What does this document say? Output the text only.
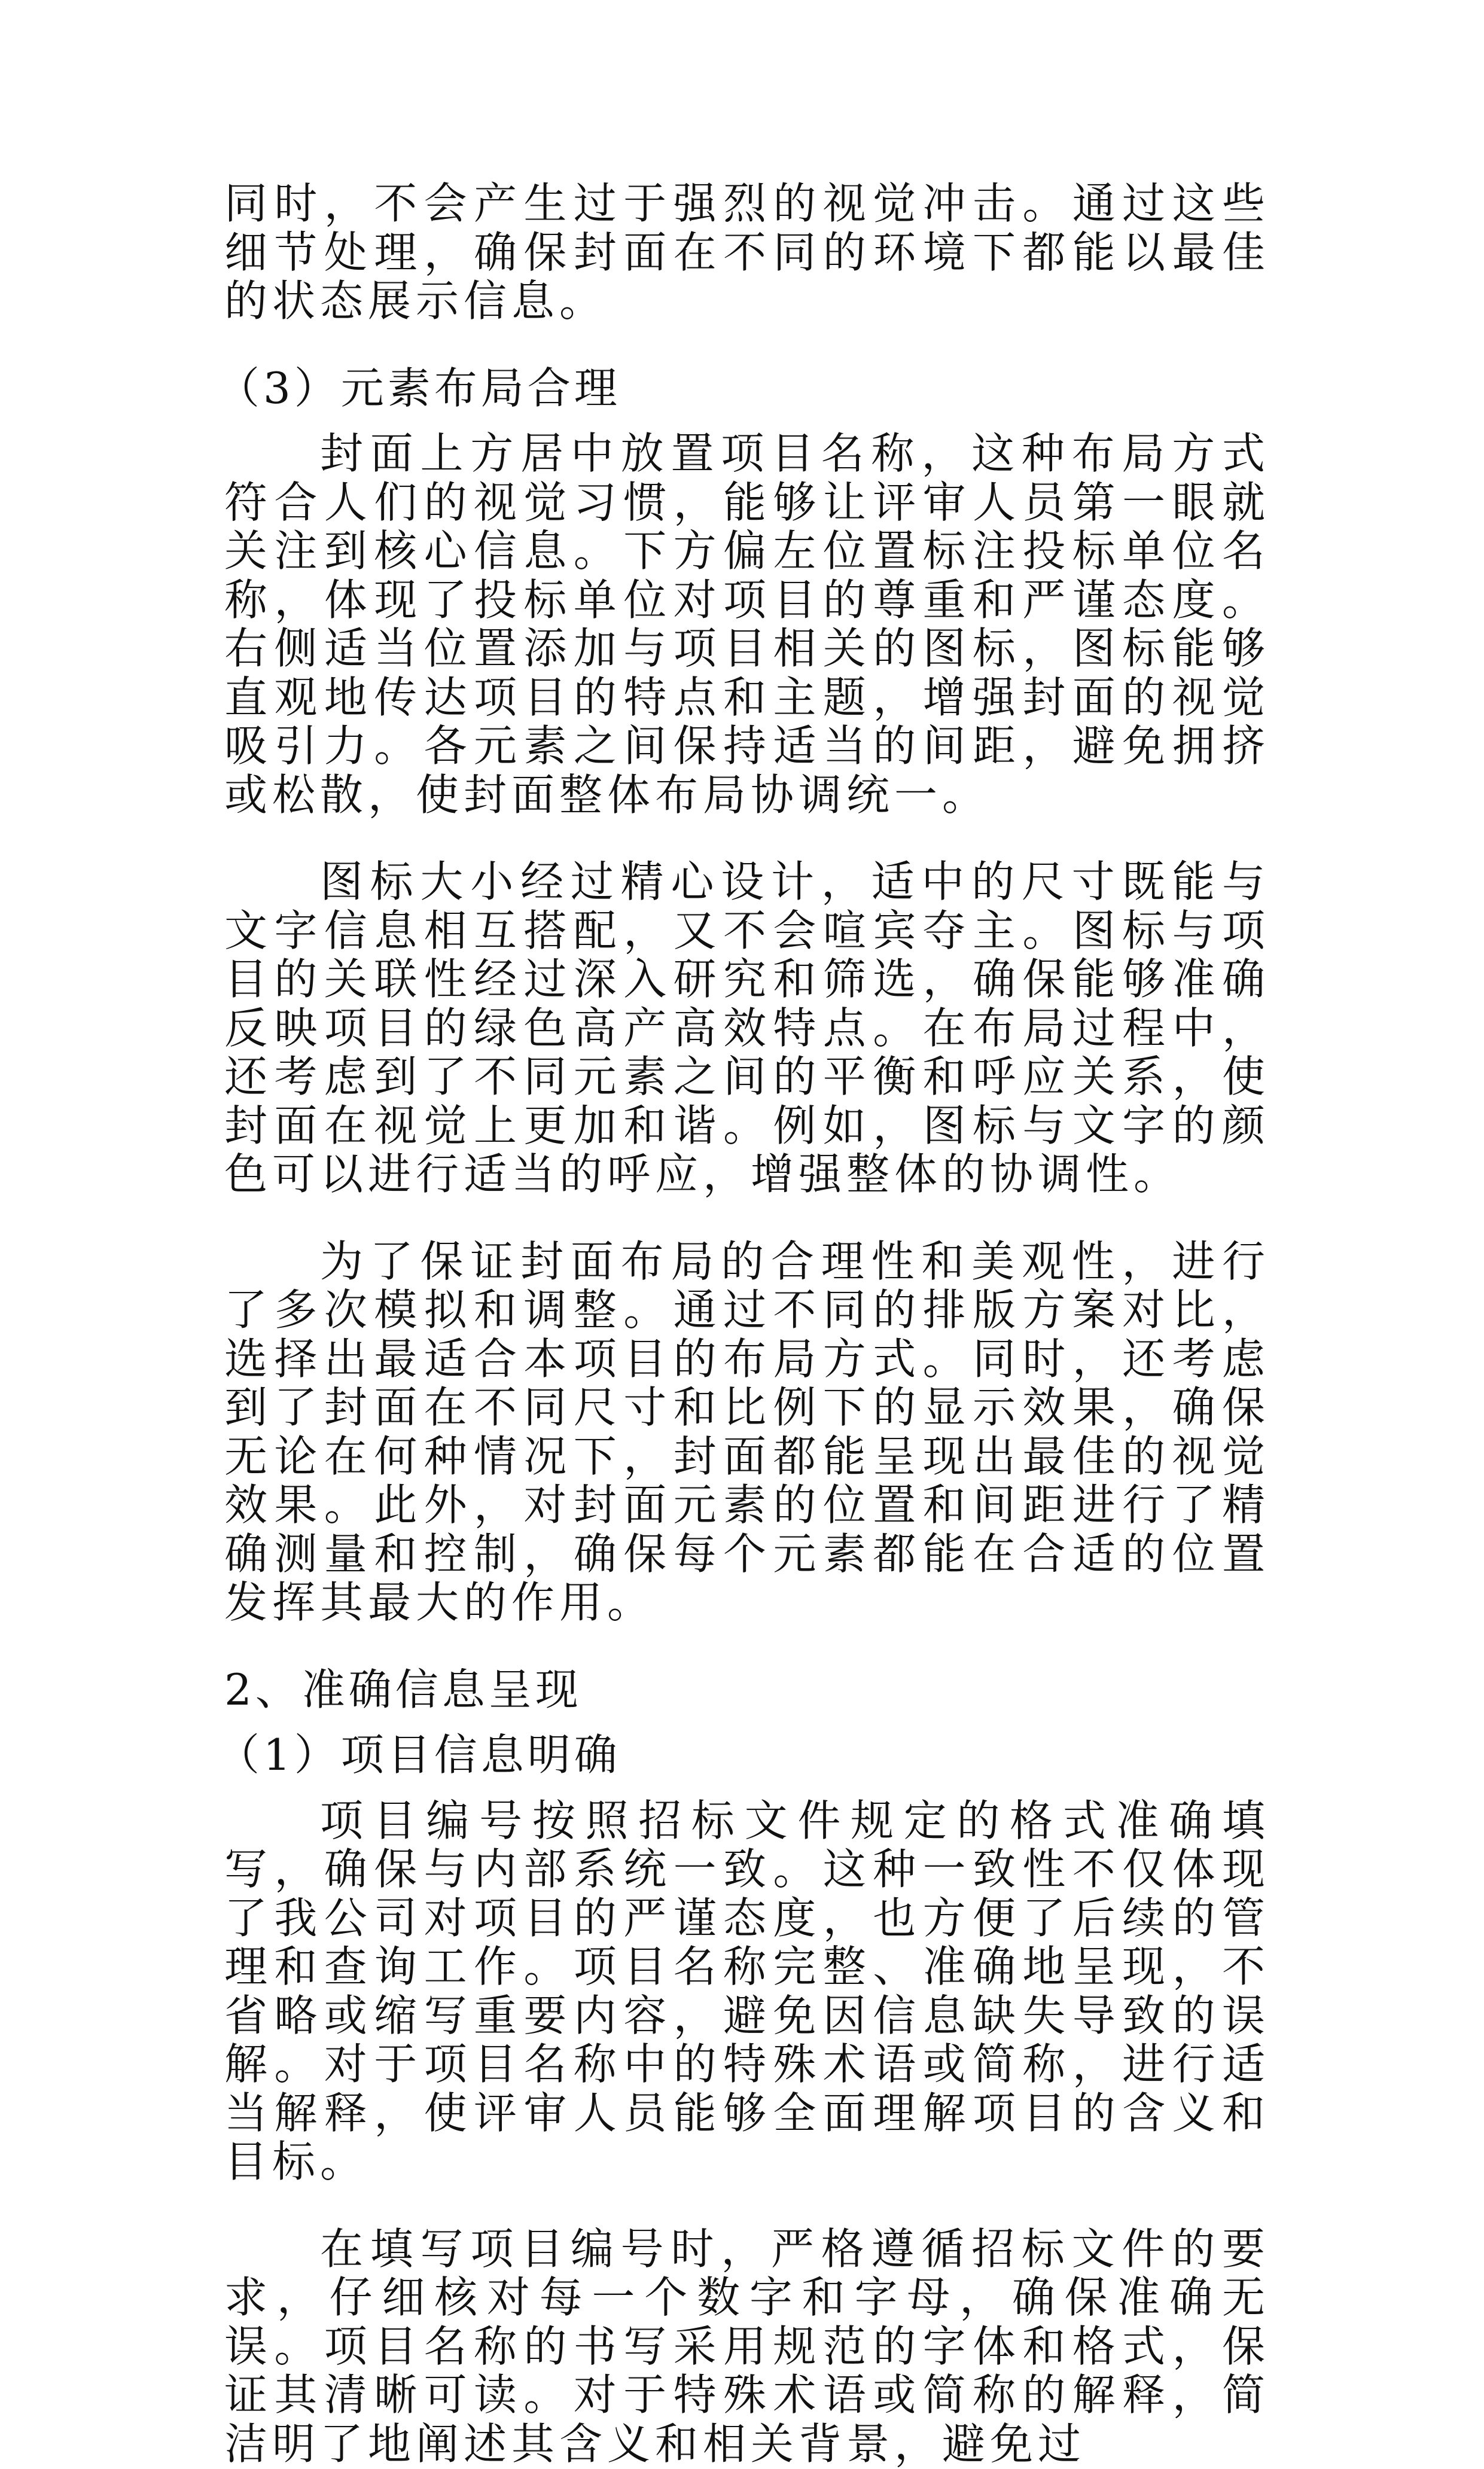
同时，不会产生过于强烈的视觉冲击。通过这些细节处理，确保封面在不同的环境下都能以最佳的状态展示信息。

（3）元素布局合理

封面上方居中放置项目名称，这种布局方式符合人们的视觉习惯，能够让评审人员第一眼就关注到核心信息。下方偏左位置标注投标单位名称，体现了投标单位对项目的尊重和严谨态度。右侧适当位置添加与项目相关的图标，图标能够直观地传达项目的特点和主题，增强封面的视觉吸引力。各元素之间保持适当的间距，避免拥挤或松散，使封面整体布局协调统一。

图标大小经过精心设计，适中的尺寸既能与文字信息相互搭配，又不会喧宾夺主。图标与项目的关联性经过深入研究和筛选，确保能够准确反映项目的绿色高产高效特点。在布局过程中，还考虑到了不同元素之间的平衡和呼应关系，使封面在视觉上更加和谐。例如，图标与文字的颜色可以进行适当的呼应，增强整体的协调性。

为了保证封面布局的合理性和美观性，进行了多次模拟和调整。通过不同的排版方案对比，选择出最适合本项目的布局方式。同时，还考虑到了封面在不同尺寸和比例下的显示效果，确保无论在何种情况下，封面都能呈现出最佳的视觉效果。此外，对封面元素的位置和间距进行了精确测量和控制，确保每个元素都能在合适的位置发挥其最大的作用。

2、准确信息呈现

（1）项目信息明确

项目编号按照招标文件规定的格式准确填写，确保与内部系统一致。这种一致性不仅体现了我公司对项目的严谨态度，也方便了后续的管理和查询工作。项目名称完整、准确地呈现，不省略或缩写重要内容，避免因信息缺失导致的误解。对于项目名称中的特殊术语或简称，进行适当解释，使评审人员能够全面理解项目的含义和目标。

在填写项目编号时，严格遵循招标文件的要求，仔细核对每一个数字和字母，确保准确无误。项目名称的书写采用规范的字体和格式，保证其清晰可读。对于特殊术语或简称的解释，简洁明了地阐述其含义和相关背景，避免过
